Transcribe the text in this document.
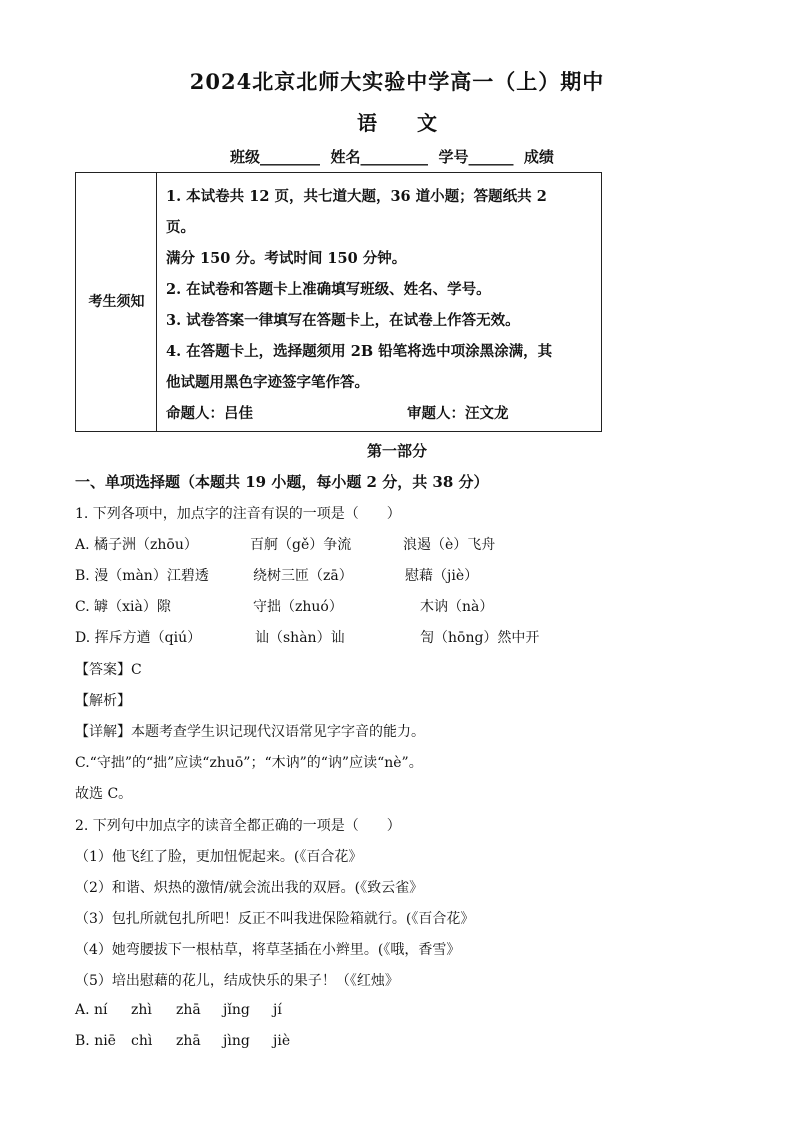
2024北京北师大实验中学高一（上）期中
语文
班级________ 姓名_________ 学号______ 成绩
考生须知
1. 本试卷共 12 页，共七道大题，36 道小题；答题纸共 2
页。
满分 150 分。考试时间 150 分钟。
2. 在试卷和答题卡上准确填写班级、姓名、学号。
3. 试卷答案一律填写在答题卡上，在试卷上作答无效。
4. 在答题卡上，选择题须用 2B 铅笔将选中项涂黑涂满，其
他试题用黑色字迹签字笔作答。
命题人：吕佳	审题人：汪文龙
第一部分
一、单项选择题（本题共 19 小题，每小题 2 分，共 38 分）
1. 下列各项中，加点字的注音有误的一项是（　　）
A. 橘子洲（zhōu）	百舸（gě）争流	浪遏（è）飞舟
B. 漫（màn）江碧透	绕树三匝（zā）	慰藉（jiè）
C. 罅（xià）隙	守拙（zhuó）	木讷（nà）
D. 挥斥方遒（qiú）	讪（shàn）讪	訇（hōng）然中开
【答案】C
【解析】
【详解】本题考查学生识记现代汉语常见字字音的能力。
C.“守拙”的“拙”应读“zhuō”；“木讷”的“讷”应读“nè”。
故选 C。
2. 下列句中加点字的读音全都正确的一项是（　　）
（1）他飞红了脸，更加忸怩起来。(《百合花》
（2）和谐、炽热的激情/就会流出我的双唇。(《致云雀》
（3）包扎所就包扎所吧！反正不叫我进保险箱就行。(《百合花》
（4）她弯腰拔下一根枯草，将草茎插在小辫里。(《哦，香雪》
（5）培出慰藉的花儿，结成快乐的果子！（《红烛》
A. ní zhì zhā jǐng jí
B. niē chì zhā jìng jiè
